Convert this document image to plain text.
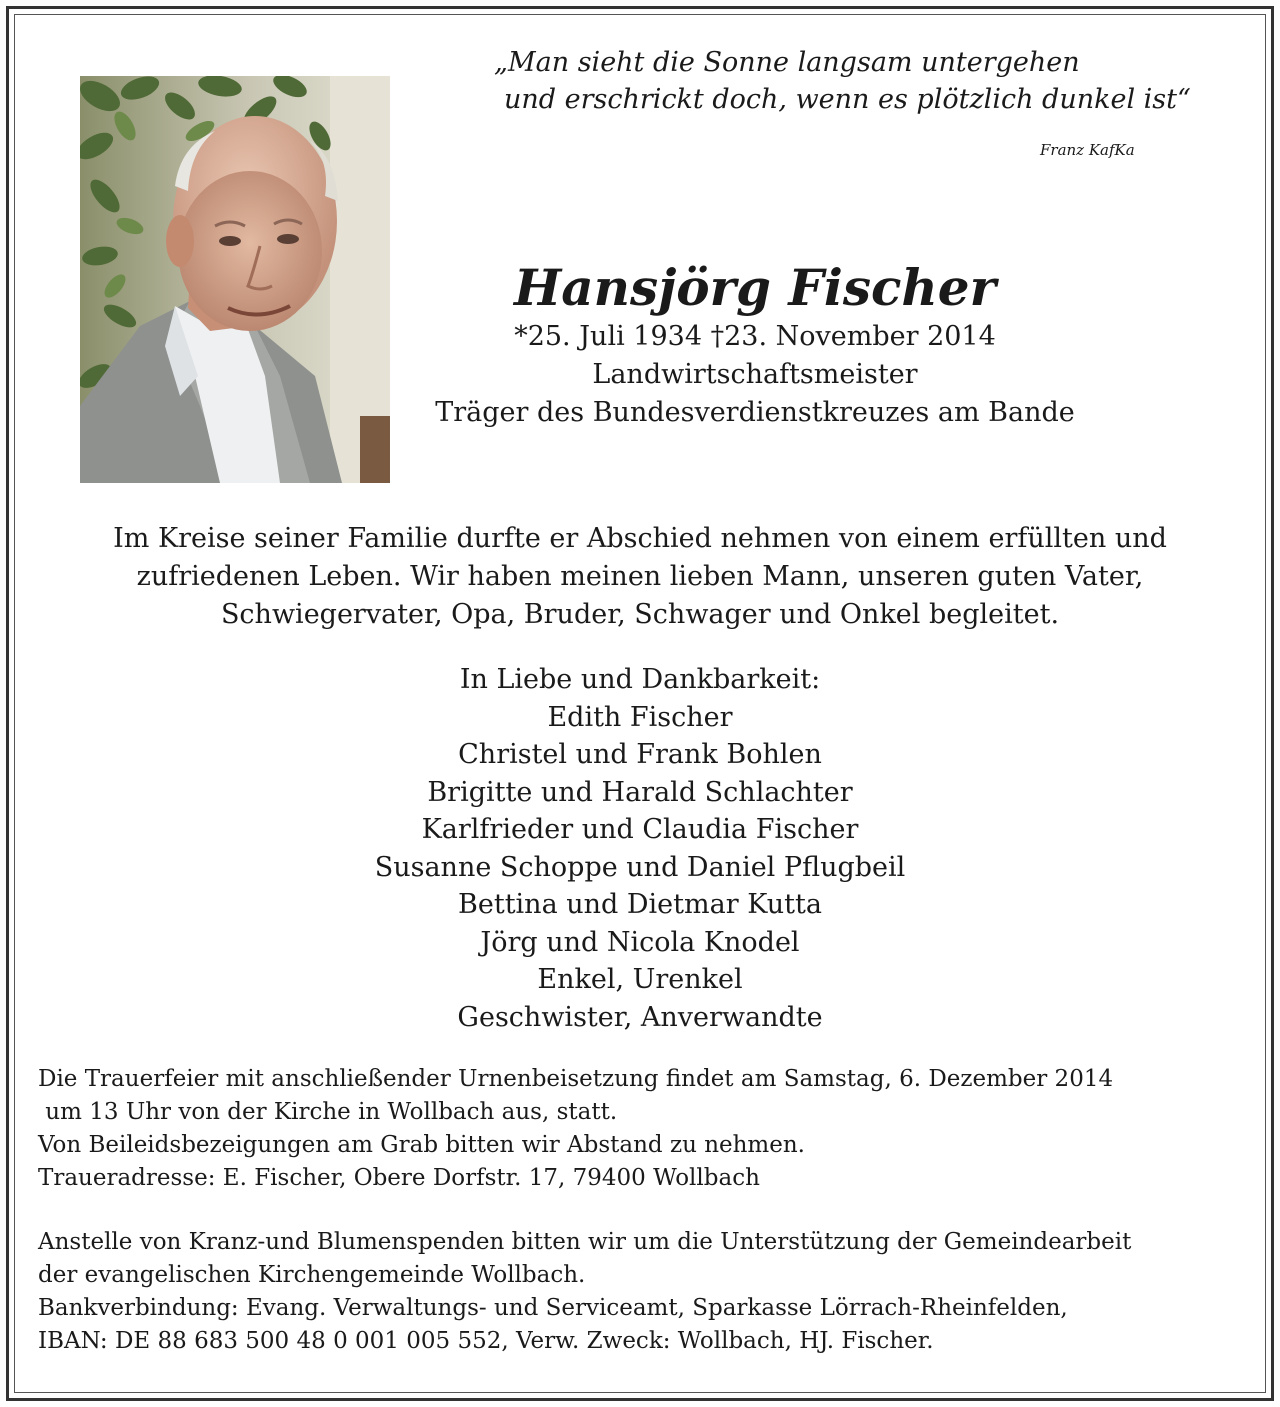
„Man sieht die Sonne langsam untergehen
und erschrickt doch, wenn es plötzlich dunkel ist“
Franz KafKa
Hansjörg Fischer
*25. Juli 1934 †23. November 2014
Landwirtschaftsmeister
Träger des Bundesverdienstkreuzes am Bande
Im Kreise seiner Familie durfte er Abschied nehmen von einem erfüllten und
zufriedenen Leben. Wir haben meinen lieben Mann, unseren guten Vater,
Schwiegervater, Opa, Bruder, Schwager und Onkel begleitet.
In Liebe und Dankbarkeit:
Edith Fischer
Christel und Frank Bohlen
Brigitte und Harald Schlachter
Karlfrieder und Claudia Fischer
Susanne Schoppe und Daniel Pflugbeil
Bettina und Dietmar Kutta
Jörg und Nicola Knodel
Enkel, Urenkel
Geschwister, Anverwandte
Die Trauerfeier mit anschließender Urnenbeisetzung findet am Samstag, 6. Dezember 2014
um 13 Uhr von der Kirche in Wollbach aus, statt.
Von Beileidsbezeigungen am Grab bitten wir Abstand zu nehmen.
Traueradresse: E. Fischer, Obere Dorfstr. 17, 79400 Wollbach
Anstelle von Kranz-und Blumenspenden bitten wir um die Unterstützung der Gemeindearbeit
der evangelischen Kirchengemeinde Wollbach.
Bankverbindung: Evang. Verwaltungs- und Serviceamt, Sparkasse Lörrach-Rheinfelden,
IBAN: DE 88 683 500 48 0 001 005 552, Verw. Zweck: Wollbach, HJ. Fischer.
